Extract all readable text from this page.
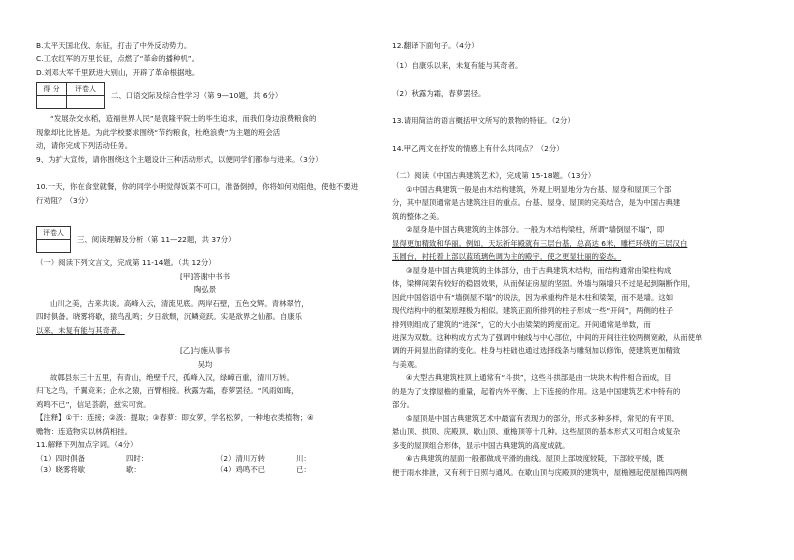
B.太平天国北伐、东征，打击了中外反动势力。
C.工农红军的万里长征，点燃了“革命的播种机”。
D.刘邓大军千里跃进大别山，开辟了革命根据地。
得 分	评卷人

二、口语交际及综合性学习（第 9—10题，共 6分）
“发展杂交水稻，造福世界人民”是袁隆平院士的毕生追求，而我们身边浪费粮食的
现象却比比皆是。为此学校要求围绕“节约粮食，杜绝浪费”为主题的班会活
动，请你完成下列活动任务。
9、为扩大宣传，请你围绕这个主题设计三种活动形式，以便同学们都参与进来。（3分）
10.一天，你在食堂就餐，你的同学小明觉得饭菜不可口，准备倒掉，你将如何劝阻他，使他不要进
行劝阻？（3分）
评卷人

三、阅读理解及分析（第 11—22题，共 37分）
（一）阅读下列文言文，完成第 11-14题。（共 12分）
[甲]答谢中书书
陶弘景
山川之美，古来共谈。高峰入云，清流见底。两岸石壁，五色交辉。青林翠竹，
四时俱备。晓雾将歇，猿鸟乱鸣；夕日欲颓，沉鳞竞跃。实是欲界之仙都。自康乐
以来，未复有能与其奇者。
[乙]与施从事书
吴均
故鄣县东三十五里，有青山，绝壁千尺，孤峰入汉，绿嶂百重，清川万转。
归飞之鸟，千翼竞来；企水之猿，百臂相接。秋露为霜，春萝罢径。“风雨如晦，
鸡鸣不已”，信足荟蔚，兹实可赏。
【注释】①干：连接；②汲：提取；③春萝：即女萝，学名松萝，一种地衣类植物；④
赡物：连造物实以林荫相挂。
11.解释下列加点字词。（4分）
（1）四时俱备	四时：	（2）清川万转	川：
（3）晓雾将歇	歇：	（4）鸡鸣不已	已：
12.翻译下面句子。（4分）
（1）自康乐以来，未复有能与其奇者。
（2）秋露为霜，春萝罢径。
13.请用简洁的语言概括甲文所写的景物的特征。（2分）
14.甲乙两文在抒发的情感上有什么共同点？（2分）
（二）阅读《中国古典建筑艺术》，完成第 15-18题。（13分）
①中国古典建筑一般是由木结构建筑，外观上明显地分为台基、屋身和屋顶三个部
分，其中屋顶通常是古建筑注目的重点。台基、屋身、屋顶的完美结合，是为中国古典建
筑的整体之美。
②屋身是中国古典建筑的主体部分。一般为木结构梁柱，所谓“墙倒屋不塌”，即
显得更加精致和华丽。例如，天坛祈年殿就有三层台基，总高达 6米，雕栏环绕的三层汉白
玉圆台，衬托着上部以蓝琉璃色调为主的殿宇，使之更显壮丽的姿态。
③屋身是中国古典建筑的主体部分，由于古典建筑木结构，而结构通常由梁柱构成
体，梁柳间架有较好的稳固效果，从而保证房屋的坚固。外墙与隔墙只不过是起到隔断作用，
因此中国俗语中有“墙倒屋不塌”的说法，因为承重构件是木柱和梁架，而不是墙。这如
现代结构中的框架原理极为相似。建筑正面所排列的柱子形成一些“开间”，两侧的柱子
排列则组成了建筑的“进深”，它的大小由梁架的跨度而定。开间通常是单数，而
进深为双数。这种构成方式为了强调中轴线与中心部位，中间的开间往往较两侧宽敞，从而使单
调的开间显出韵律的变化。柱身与柱础也通过选择线条与雕刻加以修饰，使建筑更加精致
与美观。
④大型古典建筑柱顶上通常有“斗拱”，这些斗拱部是由一块块木构件相合而成，目
的是为了支撑屋檐的重量，起着内外平衡、上下连接的作用。这是中国建筑艺术中特有的
部分。
⑤屋顶是中国古典建筑艺术中最富有表现力的部分，形式多种多样，常见的有平顶、
悬山顶、拱顶、庑殿顶、歇山顶、重檐顶等十几种。这些屋顶的基本形式又可组合成复杂
多变的屋顶组合形体，显示中国古典建筑的高度成就。
⑥古典建筑的屋面一般都做成平滑的曲线。屋顶上部坡度较陡，下部较平缓，既
便于雨水排泄，又有利于日照与通风。在歇山顶与庑殿顶的建筑中，屋檐翘起使屋檐四两侧
